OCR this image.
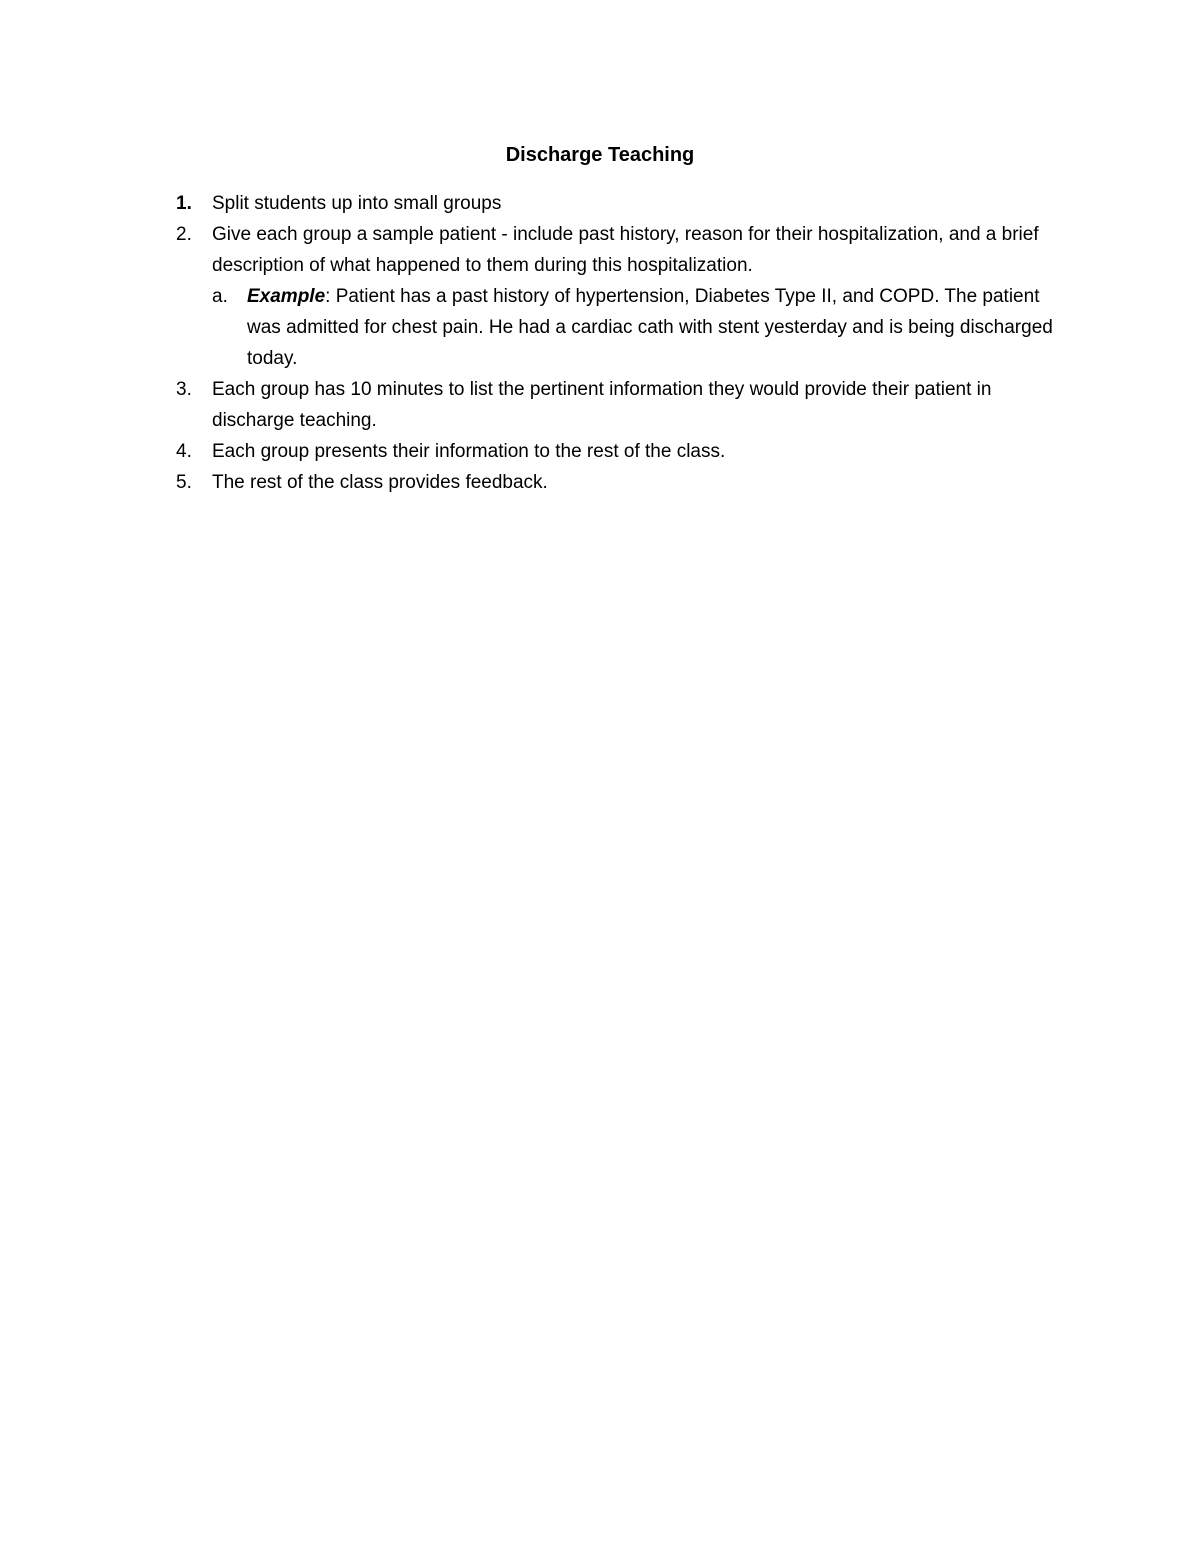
Discharge Teaching
1. Split students up into small groups
2. Give each group a sample patient - include past history, reason for their hospitalization, and a brief description of what happened to them during this hospitalization.
a. Example: Patient has a past history of hypertension, Diabetes Type II, and COPD. The patient was admitted for chest pain. He had a cardiac cath with stent yesterday and is being discharged today.
3. Each group has 10 minutes to list the pertinent information they would provide their patient in discharge teaching.
4. Each group presents their information to the rest of the class.
5. The rest of the class provides feedback.
